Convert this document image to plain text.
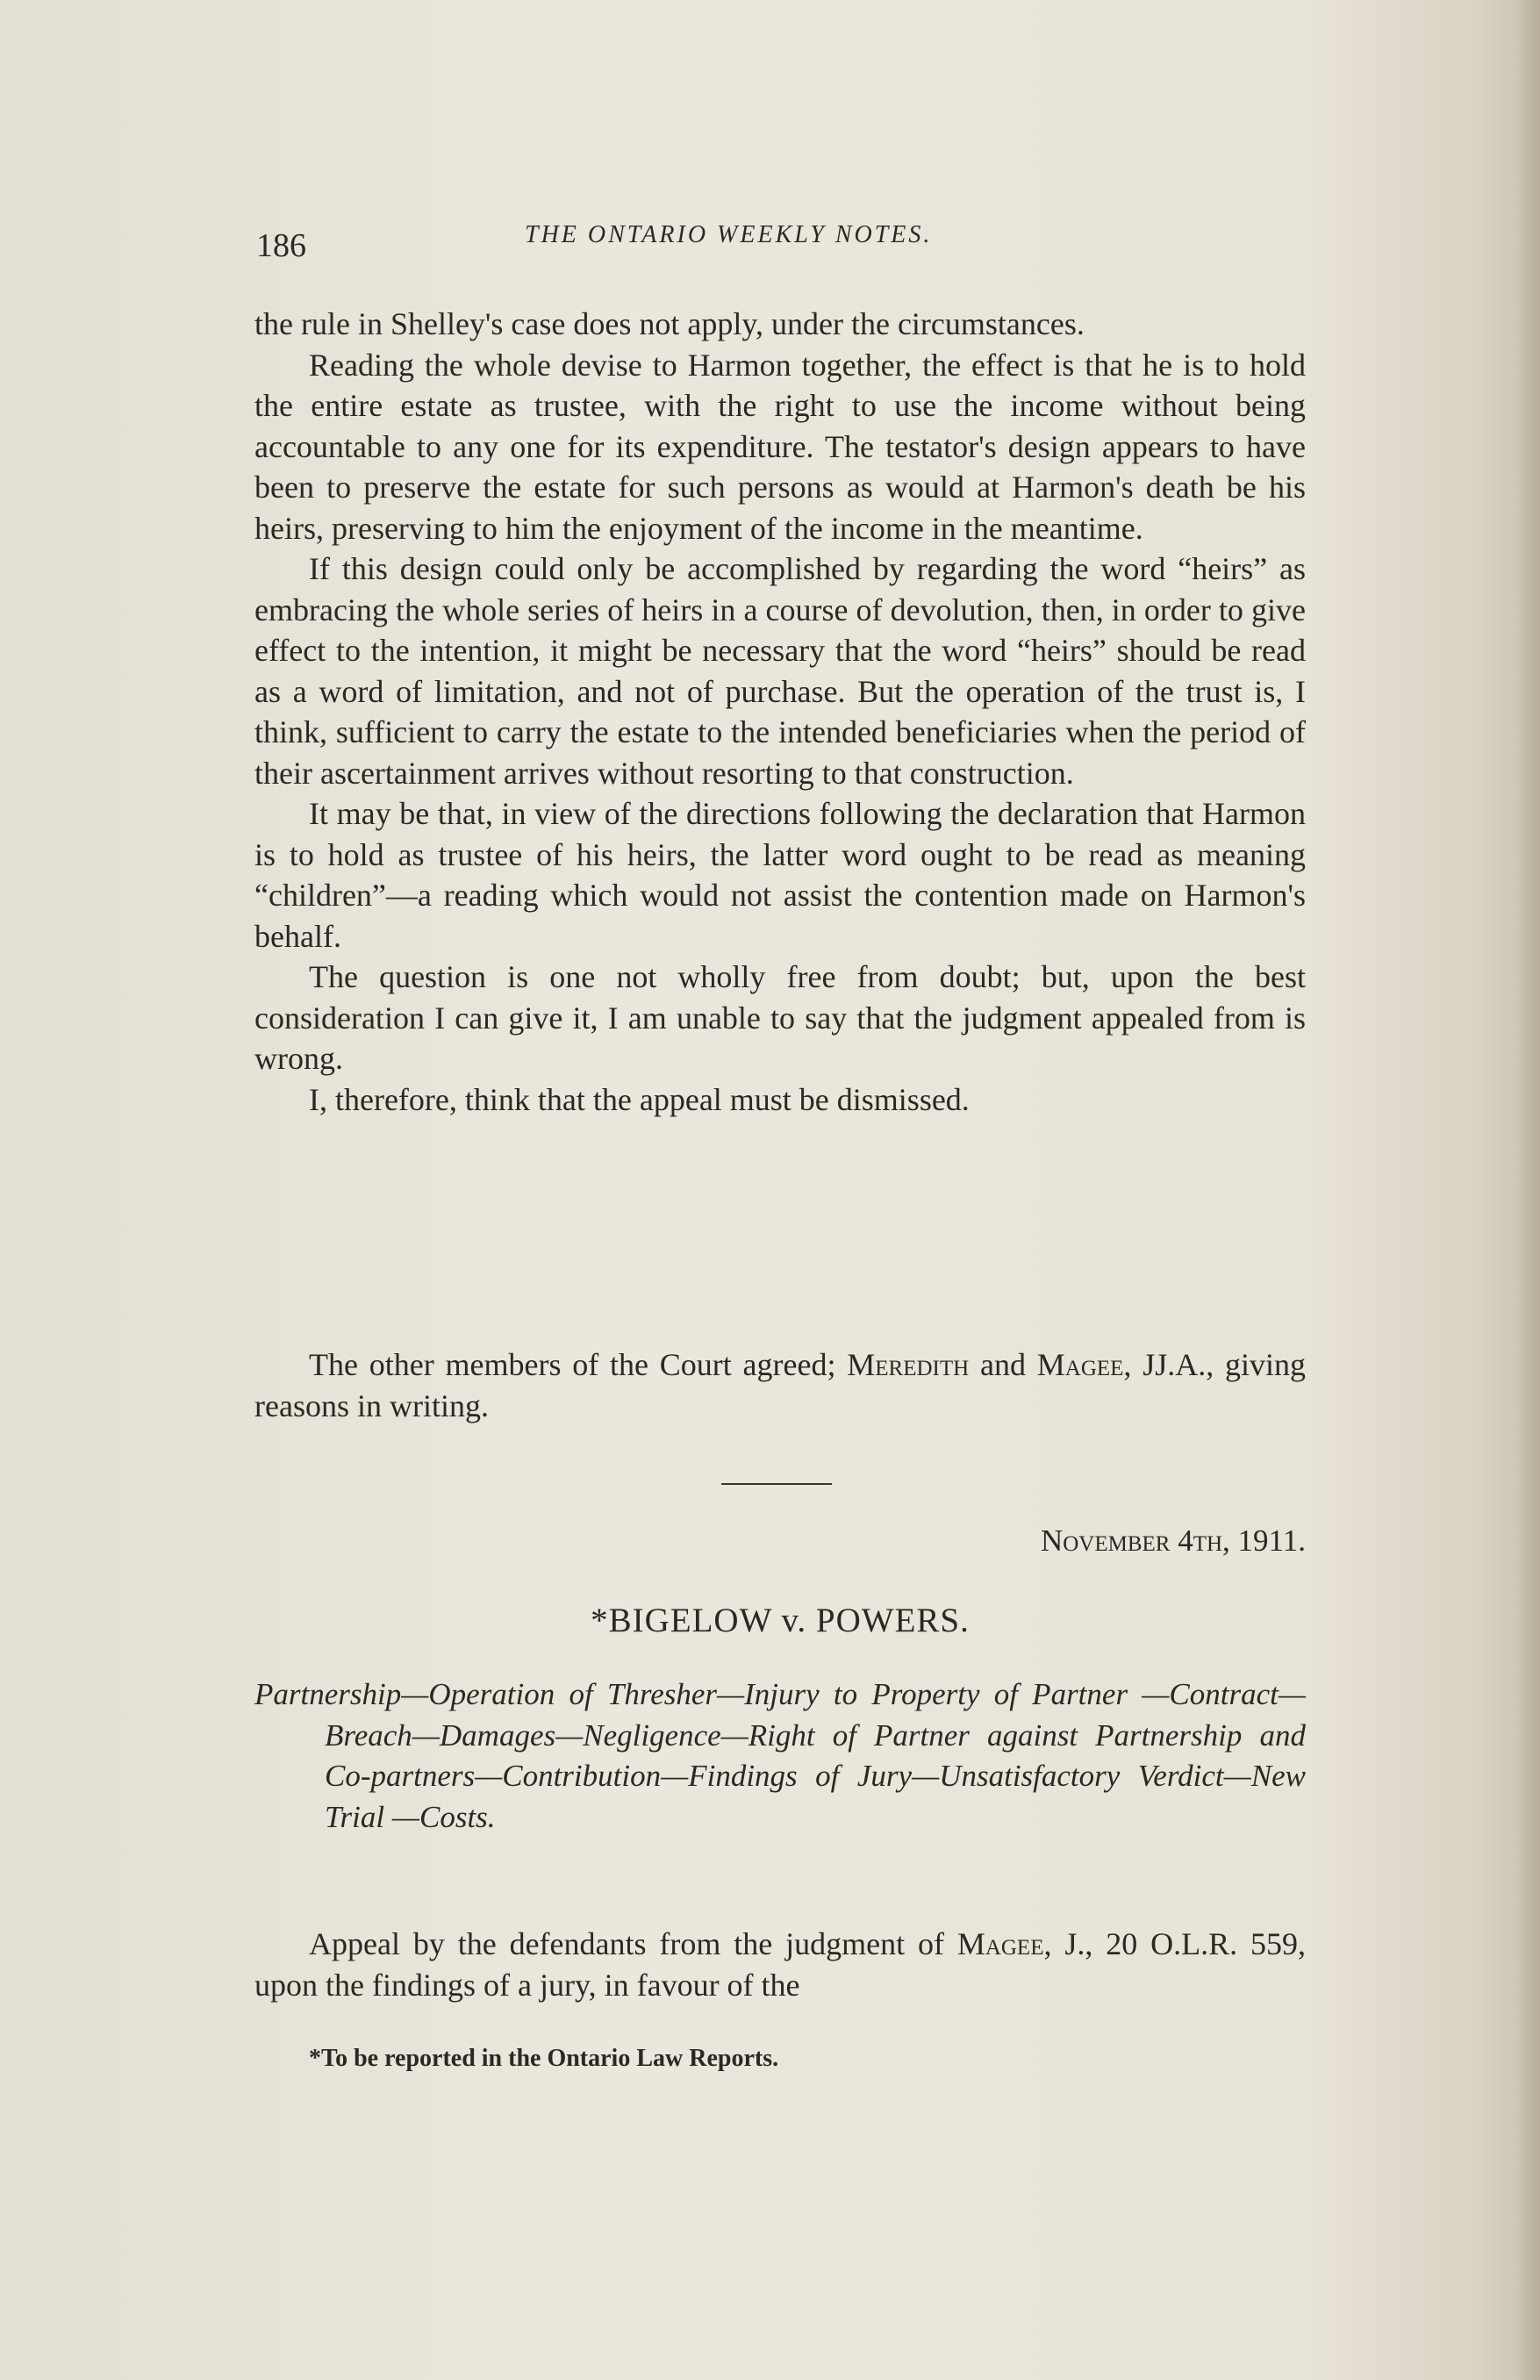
186	THE ONTARIO WEEKLY NOTES.

the rule in Shelley's case does not apply, under the circumstances.

Reading the whole devise to Harmon together, the effect is that he is to hold the entire estate as trustee, with the right to use the income without being accountable to any one for its expenditure. The testator's design appears to have been to preserve the estate for such persons as would at Harmon's death be his heirs, preserving to him the enjoyment of the income in the meantime.

If this design could only be accomplished by regarding the word “heirs” as embracing the whole series of heirs in a course of devolution, then, in order to give effect to the intention, it might be necessary that the word “heirs” should be read as a word of limitation, and not of purchase. But the operation of the trust is, I think, sufficient to carry the estate to the intended beneficiaries when the period of their ascertainment arrives without resorting to that construction.

It may be that, in view of the directions following the declaration that Harmon is to hold as trustee of his heirs, the latter word ought to be read as meaning “children”—a reading which would not assist the contention made on Harmon's behalf.

The question is one not wholly free from doubt; but, upon the best consideration I can give it, I am unable to say that the judgment appealed from is wrong.

I, therefore, think that the appeal must be dismissed.

The other members of the Court agreed; Meredith and Magee, JJ.A., giving reasons in writing.

November 4th, 1911.
*BIGELOW v. POWERS.

Partnership—Operation of Thresher—Injury to Property of Partner —Contract—Breach—Damages—Negligence—Right of Partner against Partnership and Co-partners—Contribution—Findings of Jury—Unsatisfactory Verdict—New Trial —Costs.

Appeal by the defendants from the judgment of Magee, J., 20 O.L.R. 559, upon the findings of a jury, in favour of the

*To be reported in the Ontario Law Reports.
